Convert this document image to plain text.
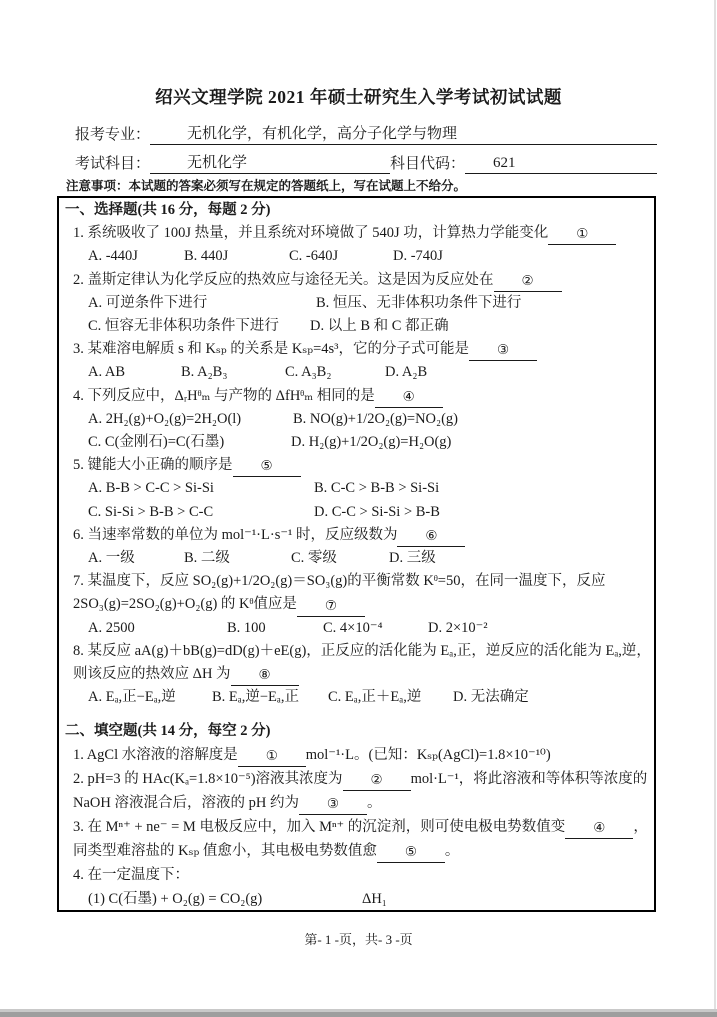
绍兴文理学院 2021 年硕士研究生入学考试初试试题
报考专业：	无机化学，有机化学，高分子化学与物理
考试科目：	无机化学	科目代码：	621
注意事项：本试题的答案必须写在规定的答题纸上，写在试题上不给分。
一、选择题(共 16 分，每题 2 分)
1. 系统吸收了 100J 热量，并且系统对环境做了 540J 功，计算热力学能变化 ①
A. -440J	B. 440J	C. -640J	D. -740J
2. 盖斯定律认为化学反应的热效应与途径无关。这是因为反应处在 ②
A. 可逆条件下进行	B. 恒压、无非体积功条件下进行
C. 恒容无非体积功条件下进行 D. 以上 B 和 C 都正确
3. 某难溶电解质 s 和 Kₛₚ 的关系是 Kₛₚ=4s³，它的分子式可能是 ③
A. AB	B. A₂B₃	C. A₃B₂	D. A₂B
4. 下列反应中，ΔᵣHᶿₘ 与产物的 ΔfHᶿₘ 相同的是 ④
A. 2H₂(g)+O₂(g)=2H₂O(l)	B. NO(g)+1/2O₂(g)=NO₂(g)
C. C(金刚石)=C(石墨)	D. H₂(g)+1/2O₂(g)=H₂O(g)
5. 键能大小正确的顺序是 ⑤
A. B-B > C-C > Si-Si	B. C-C > B-B > Si-Si
C. Si-Si > B-B > C-C	D. C-C > Si-Si > B-B
6. 当速率常数的单位为 mol⁻¹·L·s⁻¹ 时，反应级数为 ⑥
A. 一级	B. 二级	C. 零级	D. 三级
7. 某温度下，反应 SO₂(g)+1/2O₂(g)＝SO₃(g)的平衡常数 Kᶿ=50，在同一温度下，反应
2SO₃(g)=2SO₂(g)+O₂(g) 的 Kᶿ值应是 ⑦
A. 2500	B. 100	C. 4×10⁻⁴	D. 2×10⁻²
8. 某反应 aA(g)＋bB(g)=dD(g)＋eE(g)，正反应的活化能为 Eₐ,正，逆反应的活化能为 Eₐ,逆，
则该反应的热效应 ΔH 为 ⑧
A. Eₐ,正−Eₐ,逆 B. Eₐ,逆−Eₐ,正 C. Eₐ,正＋Eₐ,逆 D. 无法确定
二、填空题(共 14 分，每空 2 分)
1. AgCl 水溶液的溶解度是 ① mol⁻¹·L。(已知：Kₛₚ(AgCl)=1.8×10⁻¹⁰)
2. pH=3 的 HAc(Kₐ=1.8×10⁻⁵)溶液其浓度为 ② mol·L⁻¹，将此溶液和等体积等浓度的
NaOH 溶液混合后，溶液的 pH 约为 ③ 。
3. 在 Mⁿ⁺ + ne⁻ = M 电极反应中，加入 Mⁿ⁺ 的沉淀剂，则可使电极电势数值变 ④ ，
同类型难溶盐的 Kₛₚ 值愈小，其电极电势数值愈 ⑤ 。
4. 在一定温度下：
(1) C(石墨) + O₂(g) = CO₂(g)	ΔH₁
第- 1 -页，共- 3 -页
